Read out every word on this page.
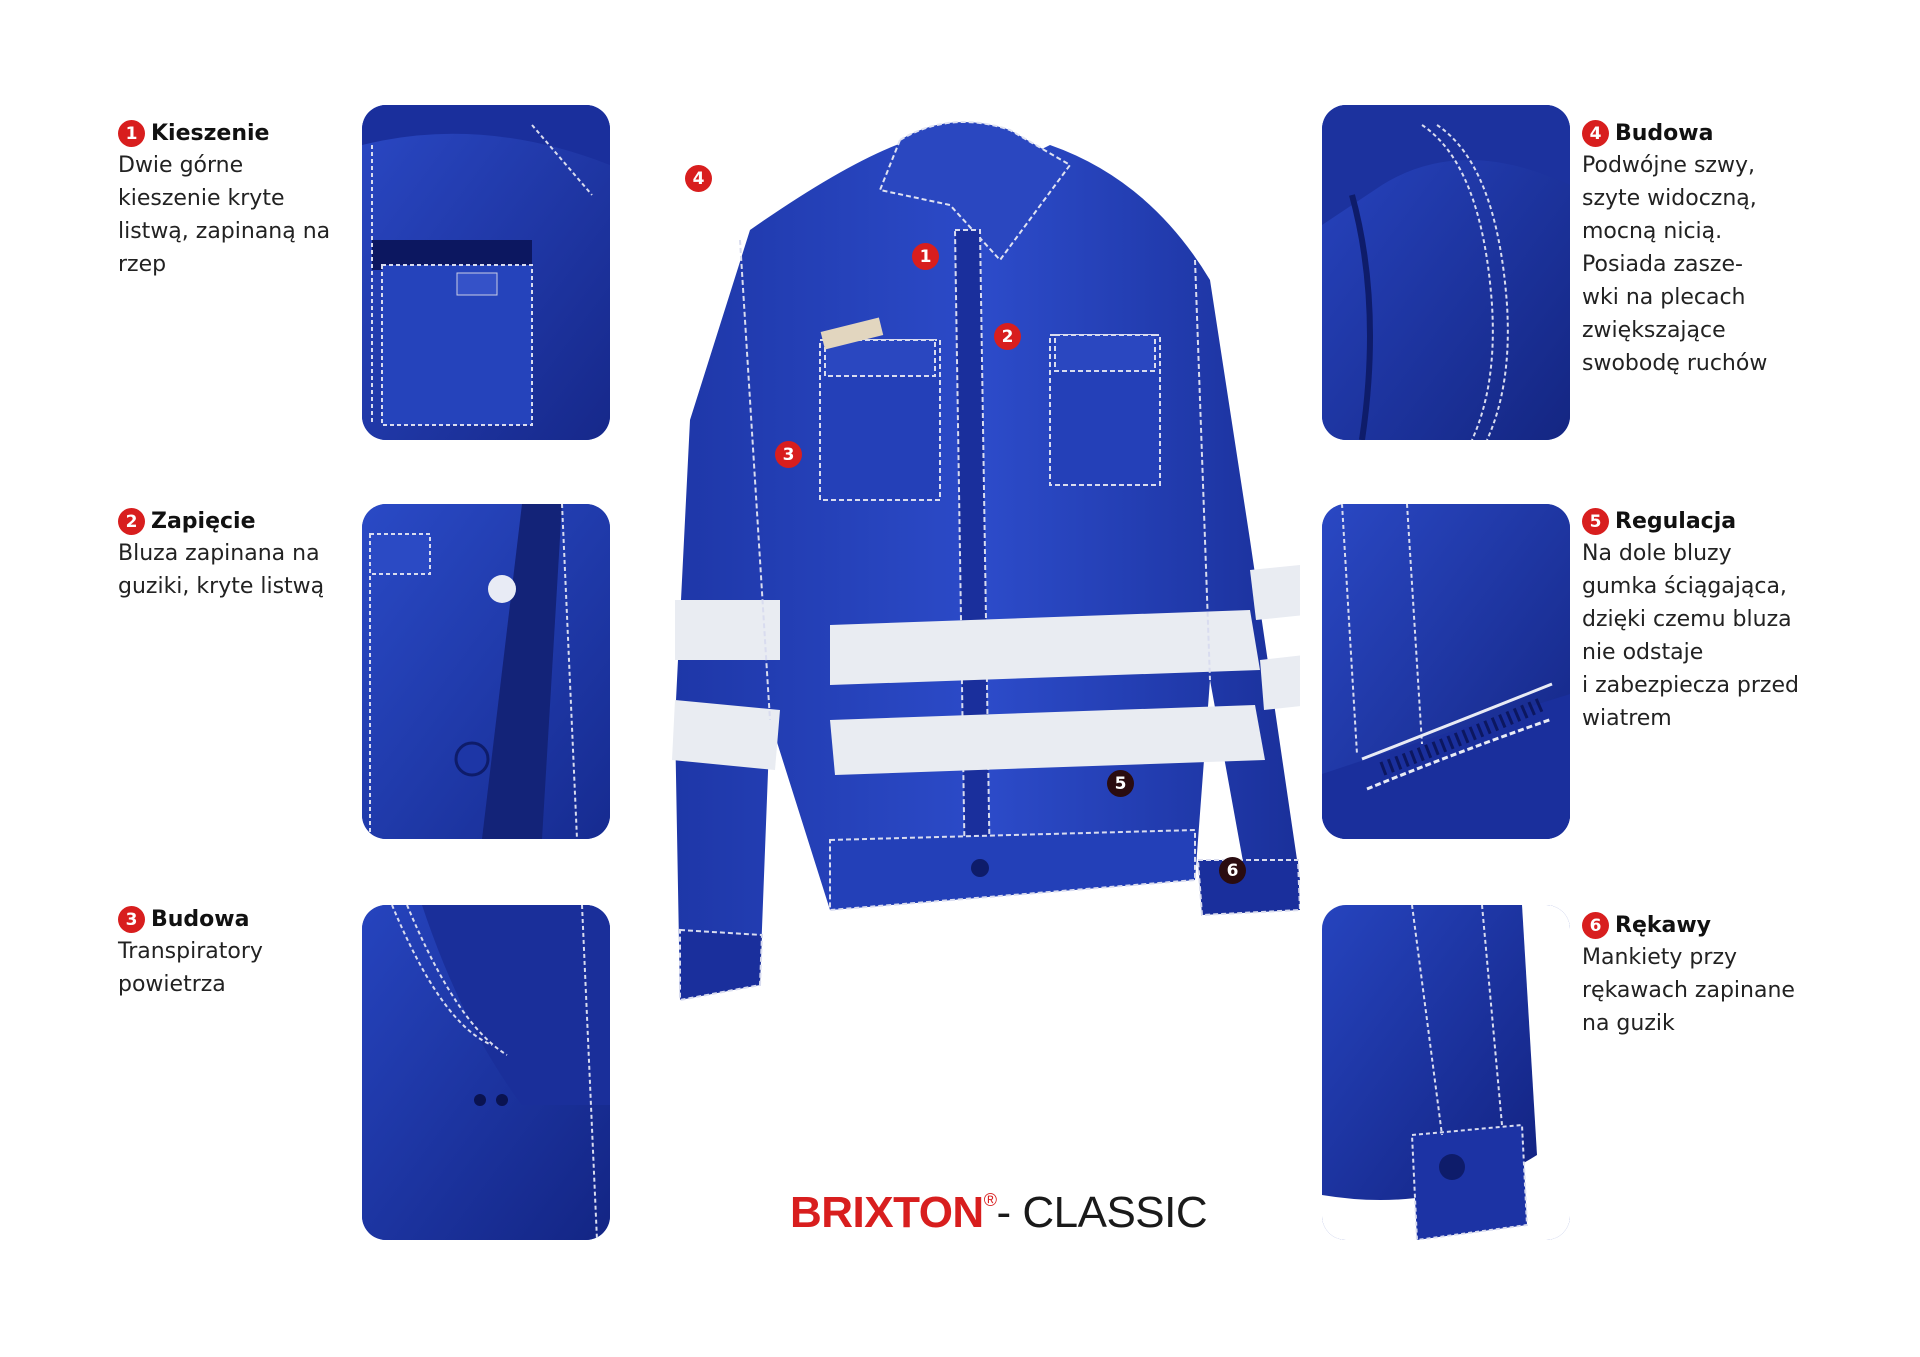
1 Kieszenie
Dwie górne
kieszenie kryte
listwą, zapinaną na
rzep
2 Zapięcie
Bluza zapinana na
guziki, kryte listwą
3 Budowa
Transpiratory
powietrza
4 Budowa
Podwójne szwy,
szyte widoczną,
mocną nicią.
Posiada zasze-
wki na plecach
zwiększające
swobodę ruchów
5 Regulacja
Na dole bluzy
gumka ściągająca,
dzięki czemu bluza
nie odstaje
i zabezpiecza przed
wiatrem
6 Rękawy
Mankiety przy
rękawach zapinane
na guzik
1
2
3
4
5
6
BRIXTON ® - CLASSIC
